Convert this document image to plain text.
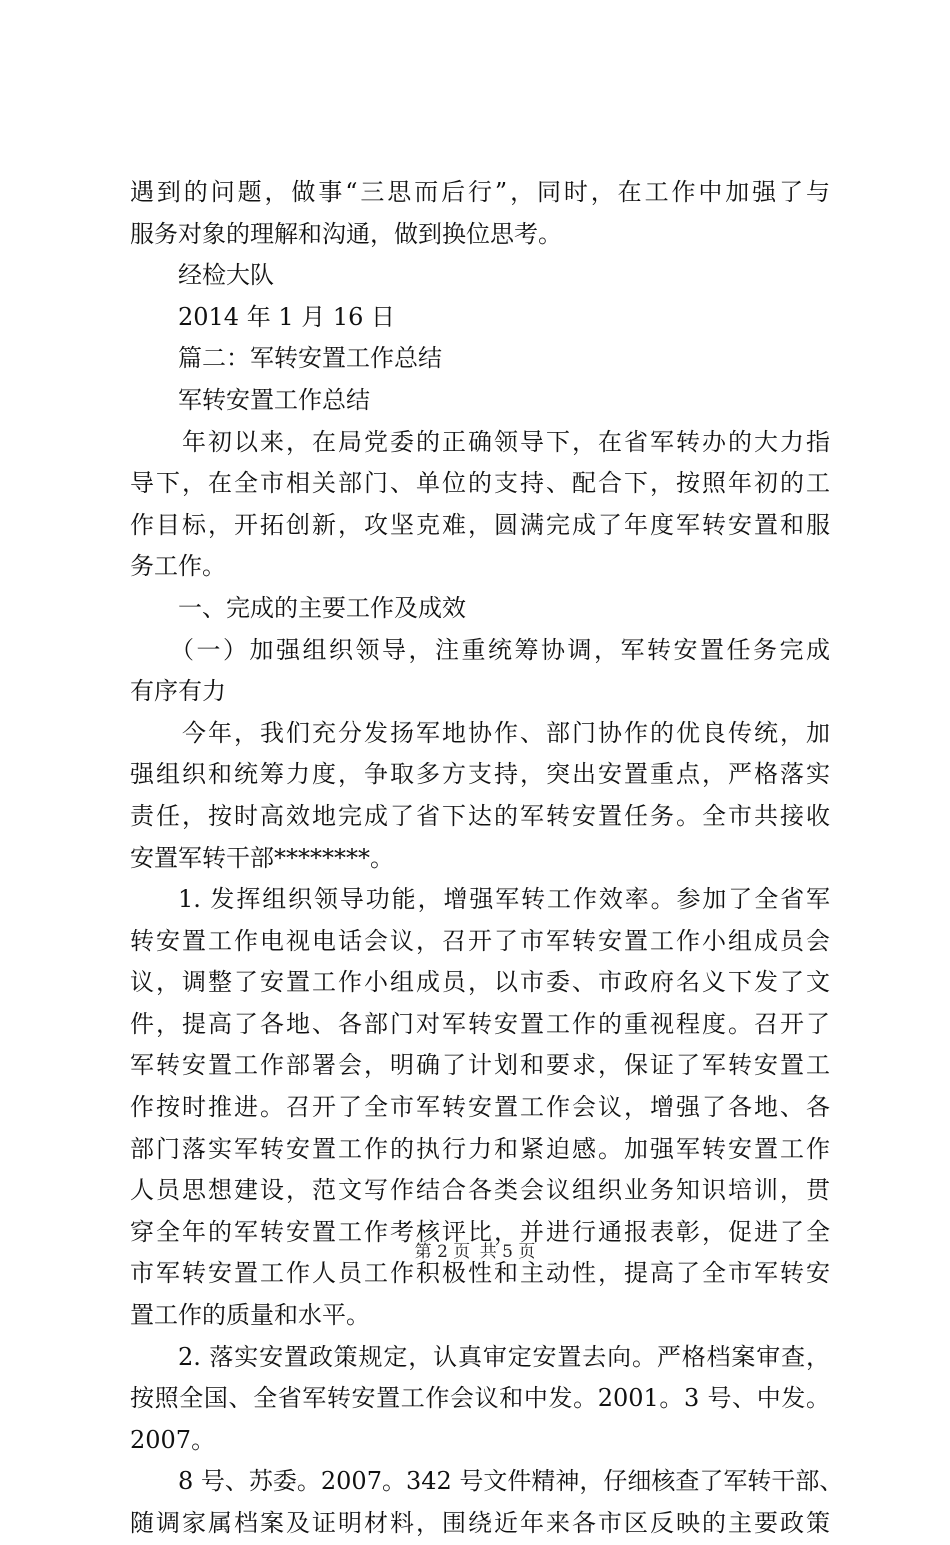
遇到的问题，做事“三思而后行”，同时，在工作中加强了与
服务对象的理解和沟通，做到换位思考。
经检大队
2014 年 1 月 16 日
篇二：军转安置工作总结
军转安置工作总结
年初以来，在局党委的正确领导下，在省军转办的大力指
导下，在全市相关部门、单位的支持、配合下，按照年初的工
作目标，开拓创新，攻坚克难，圆满完成了年度军转安置和服
务工作。
一、完成的主要工作及成效
（一）加强组织领导，注重统筹协调，军转安置任务完成
有序有力
今年，我们充分发扬军地协作、部门协作的优良传统，加
强组织和统筹力度，争取多方支持，突出安置重点，严格落实
责任，按时高效地完成了省下达的军转安置任务。全市共接收
安置军转干部********。
1. 发挥组织领导功能，增强军转工作效率。参加了全省军
转安置工作电视电话会议，召开了市军转安置工作小组成员会
议，调整了安置工作小组成员，以市委、市政府名义下发了文
件，提高了各地、各部门对军转安置工作的重视程度。召开了
军转安置工作部署会，明确了计划和要求，保证了军转安置工
作按时推进。召开了全市军转安置工作会议，增强了各地、各
部门落实军转安置工作的执行力和紧迫感。加强军转安置工作
人员思想建设，范文写作结合各类会议组织业务知识培训，贯
穿全年的军转安置工作考核评比，并进行通报表彰，促进了全
市军转安置工作人员工作积极性和主动性，提高了全市军转安
置工作的质量和水平。
2. 落实安置政策规定，认真审定安置去向。严格档案审查，
按照全国、全省军转安置工作会议和中发。2001。3 号、中发。
2007。
8 号、苏委。2007。342 号文件精神，仔细核查了军转干部、
随调家属档案及证明材料，围绕近年来各市区反映的主要政策
第 2 页 共 5 页
